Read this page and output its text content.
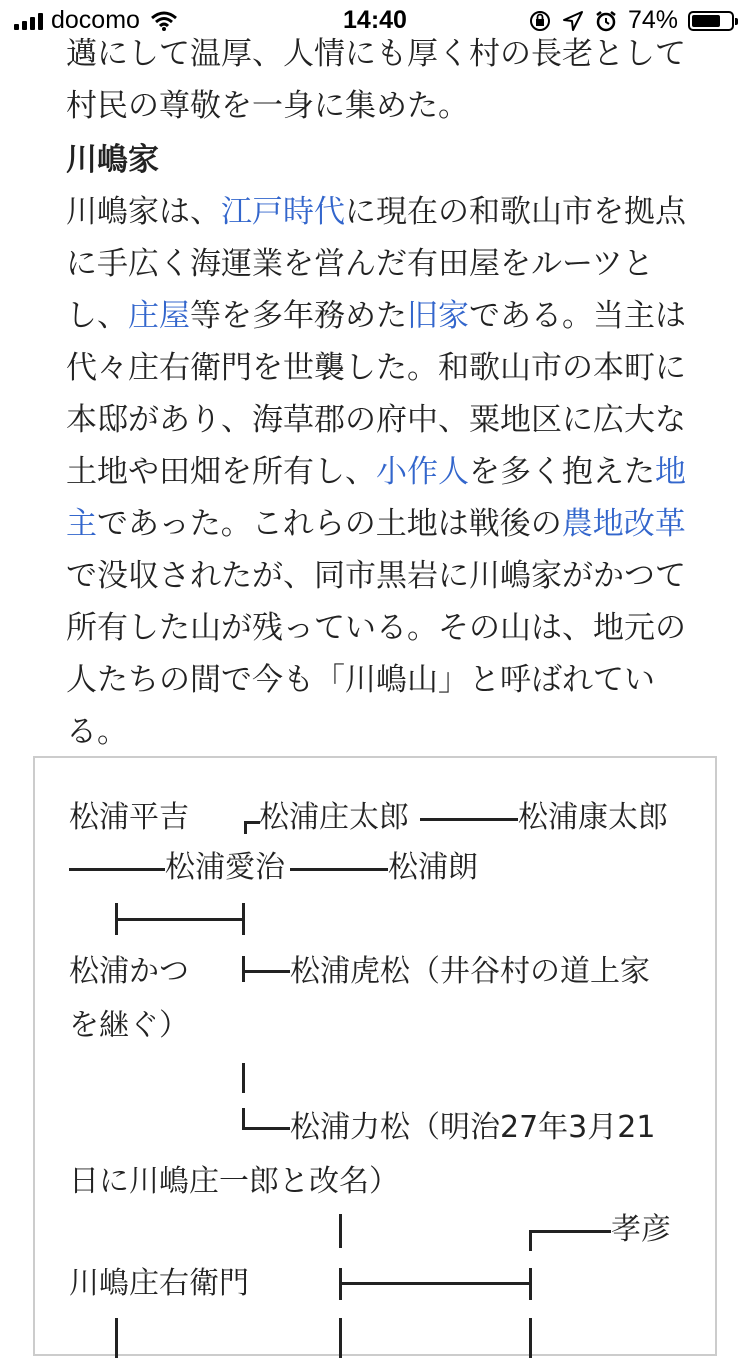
docomo	14:40	74%

邁にして温厚、人情にも厚く村の長老として
村民の尊敬を一身に集めた。

川嶋家

川嶋家は、江戸時代に現在の和歌山市を拠点
に手広く海運業を営んだ有田屋をルーツと
し、庄屋等を多年務めた旧家である。当主は
代々庄右衛門を世襲した。和歌山市の本町に
本邸があり、海草郡の府中、粟地区に広大な
土地や田畑を所有し、小作人を多く抱えた地
主であった。これらの土地は戦後の農地改革
で没収されたが、同市黒岩に川嶋家がかつて
所有した山が残っている。その山は、地元の
人たちの間で今も「川嶋山」と呼ばれてい
る。

松浦平吉 松浦庄太郎	松浦康太郎
松浦愛治	松浦朗
松浦かつ	松浦虎松（井谷村の道上家
を継ぐ）
松浦力松（明治27年3月21
日に川嶋庄一郎と改名）
孝彦
川嶋庄右衛門
